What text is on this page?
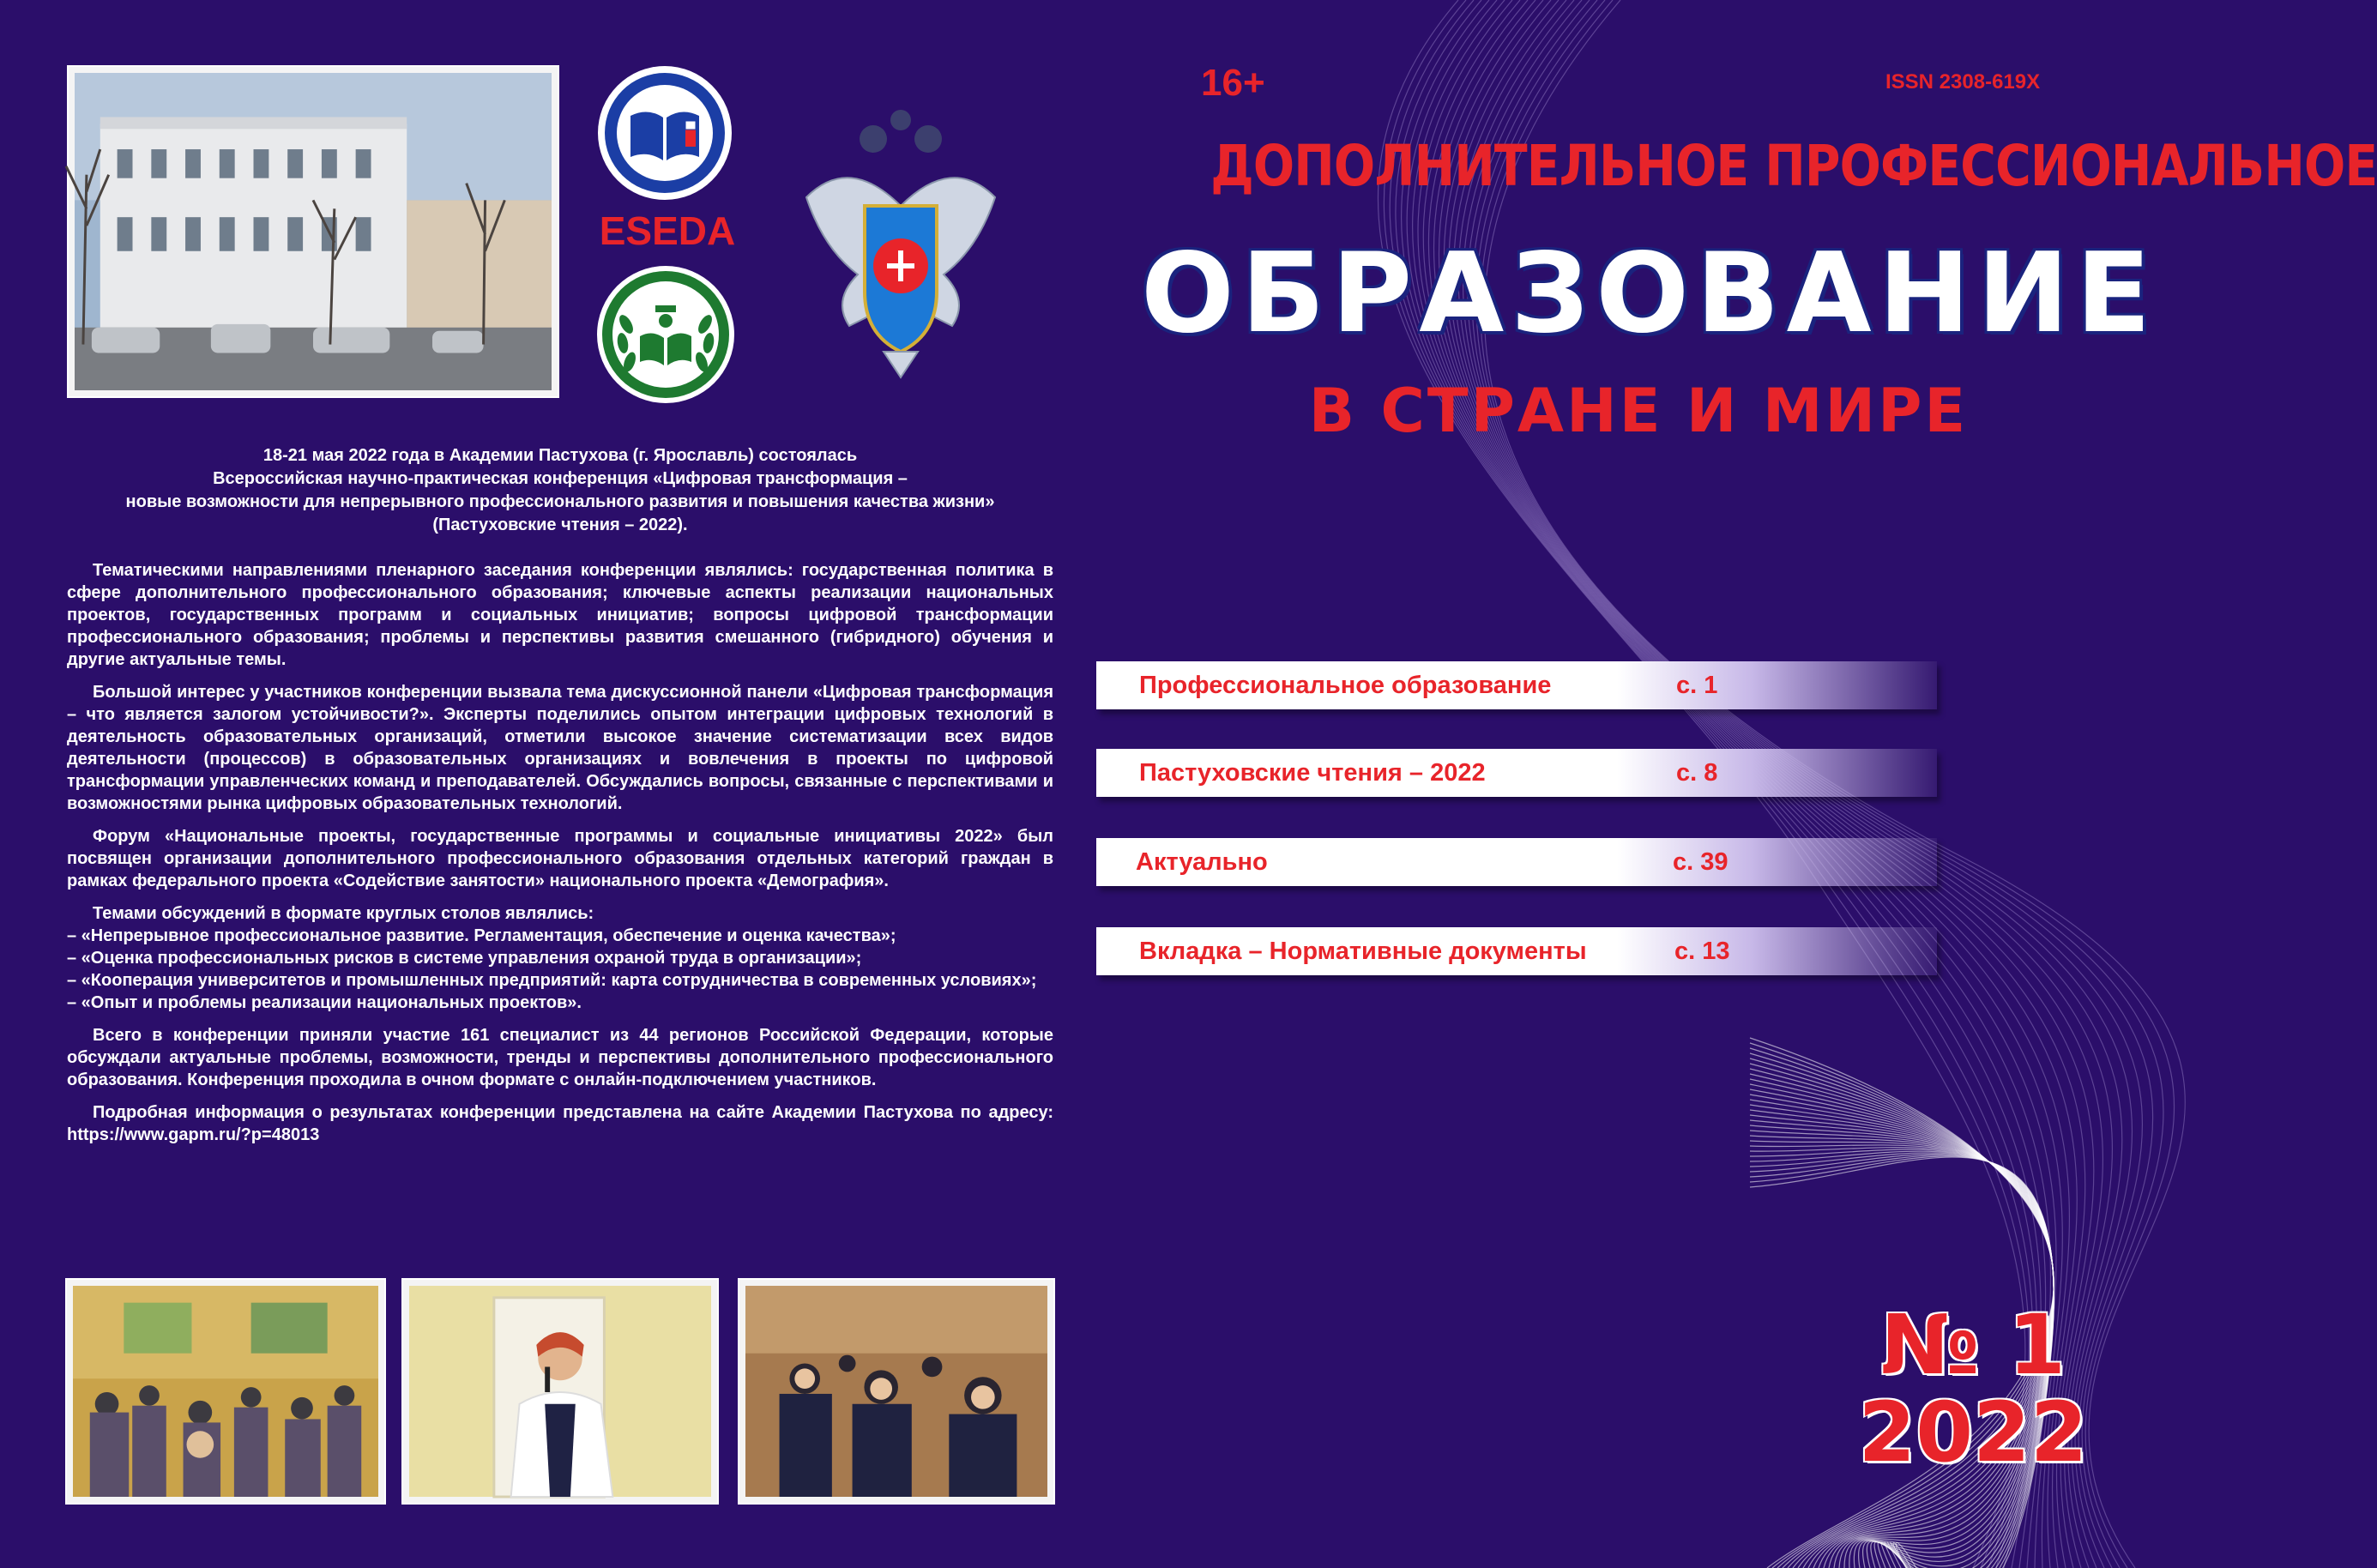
ESEDA
18-21 мая 2022 года в Академии Пастухова (г. Ярославль) состоялась
Всероссийская научно-практическая конференция «Цифровая трансформация –
новые возможности для непрерывного профессионального развития и повышения качества жизни»
(Пастуховские чтения – 2022).

Тематическими направлениями пленарного заседания конференции являлись: государственная политика в сфере дополнительного профессионального образования; ключевые аспекты реализации национальных проектов, государственных программ и социальных инициатив; вопросы цифровой трансформации профессионального образования; проблемы и перспективы развития смешанного (гибридного) обучения и другие актуальные темы.

Большой интерес у участников конференции вызвала тема дискуссионной панели «Цифровая трансформация – что является залогом устойчивости?». Эксперты поделились опытом интеграции цифровых технологий в деятельность образовательных организаций, отметили высокое значение систематизации всех видов деятельности (процессов) в образовательных организациях и вовлечения в проекты по цифровой трансформации управленческих команд и преподавателей. Обсуждались вопросы, связанные с перспективами и возможностями рынка цифровых образовательных технологий.

Форум «Национальные проекты, государственные программы и социальные инициативы 2022» был посвящен организации дополнительного профессионального образования отдельных категорий граждан в рамках федерального проекта «Содействие занятости» национального проекта «Демография».

Темами обсуждений в формате круглых столов являлись:
– «Непрерывное профессиональное развитие. Регламентация, обеспечение и оценка качества»;
– «Оценка профессиональных рисков в системе управления охраной труда в организации»;
– «Кооперация университетов и промышленных предприятий: карта сотрудничества в современных условиях»;
– «Опыт и проблемы реализации национальных проектов».

Всего в конференции приняли участие 161 специалист из 44 регионов Российской Федерации, которые обсуждали актуальные проблемы, возможности, тренды и перспективы дополнительного профессионального образования. Конференция проходила в очном формате с онлайн-подключением участников.

Подробная информация о результатах конференции представлена на сайте Академии Пастухова по адресу: https://www.gapm.ru/?p=48013

16+	ISSN 2308-619X
ДОПОЛНИТЕЛЬНОЕ ПРОФЕССИОНАЛЬНОЕ
ОБРАЗОВАНИЕ
В СТРАНЕ И МИРЕ
Профессиональное образование	с. 1
Пастуховские чтения – 2022	с. 8
Актуально	с. 39
Вкладка – Нормативные документы	с. 13
№ 1
2022
